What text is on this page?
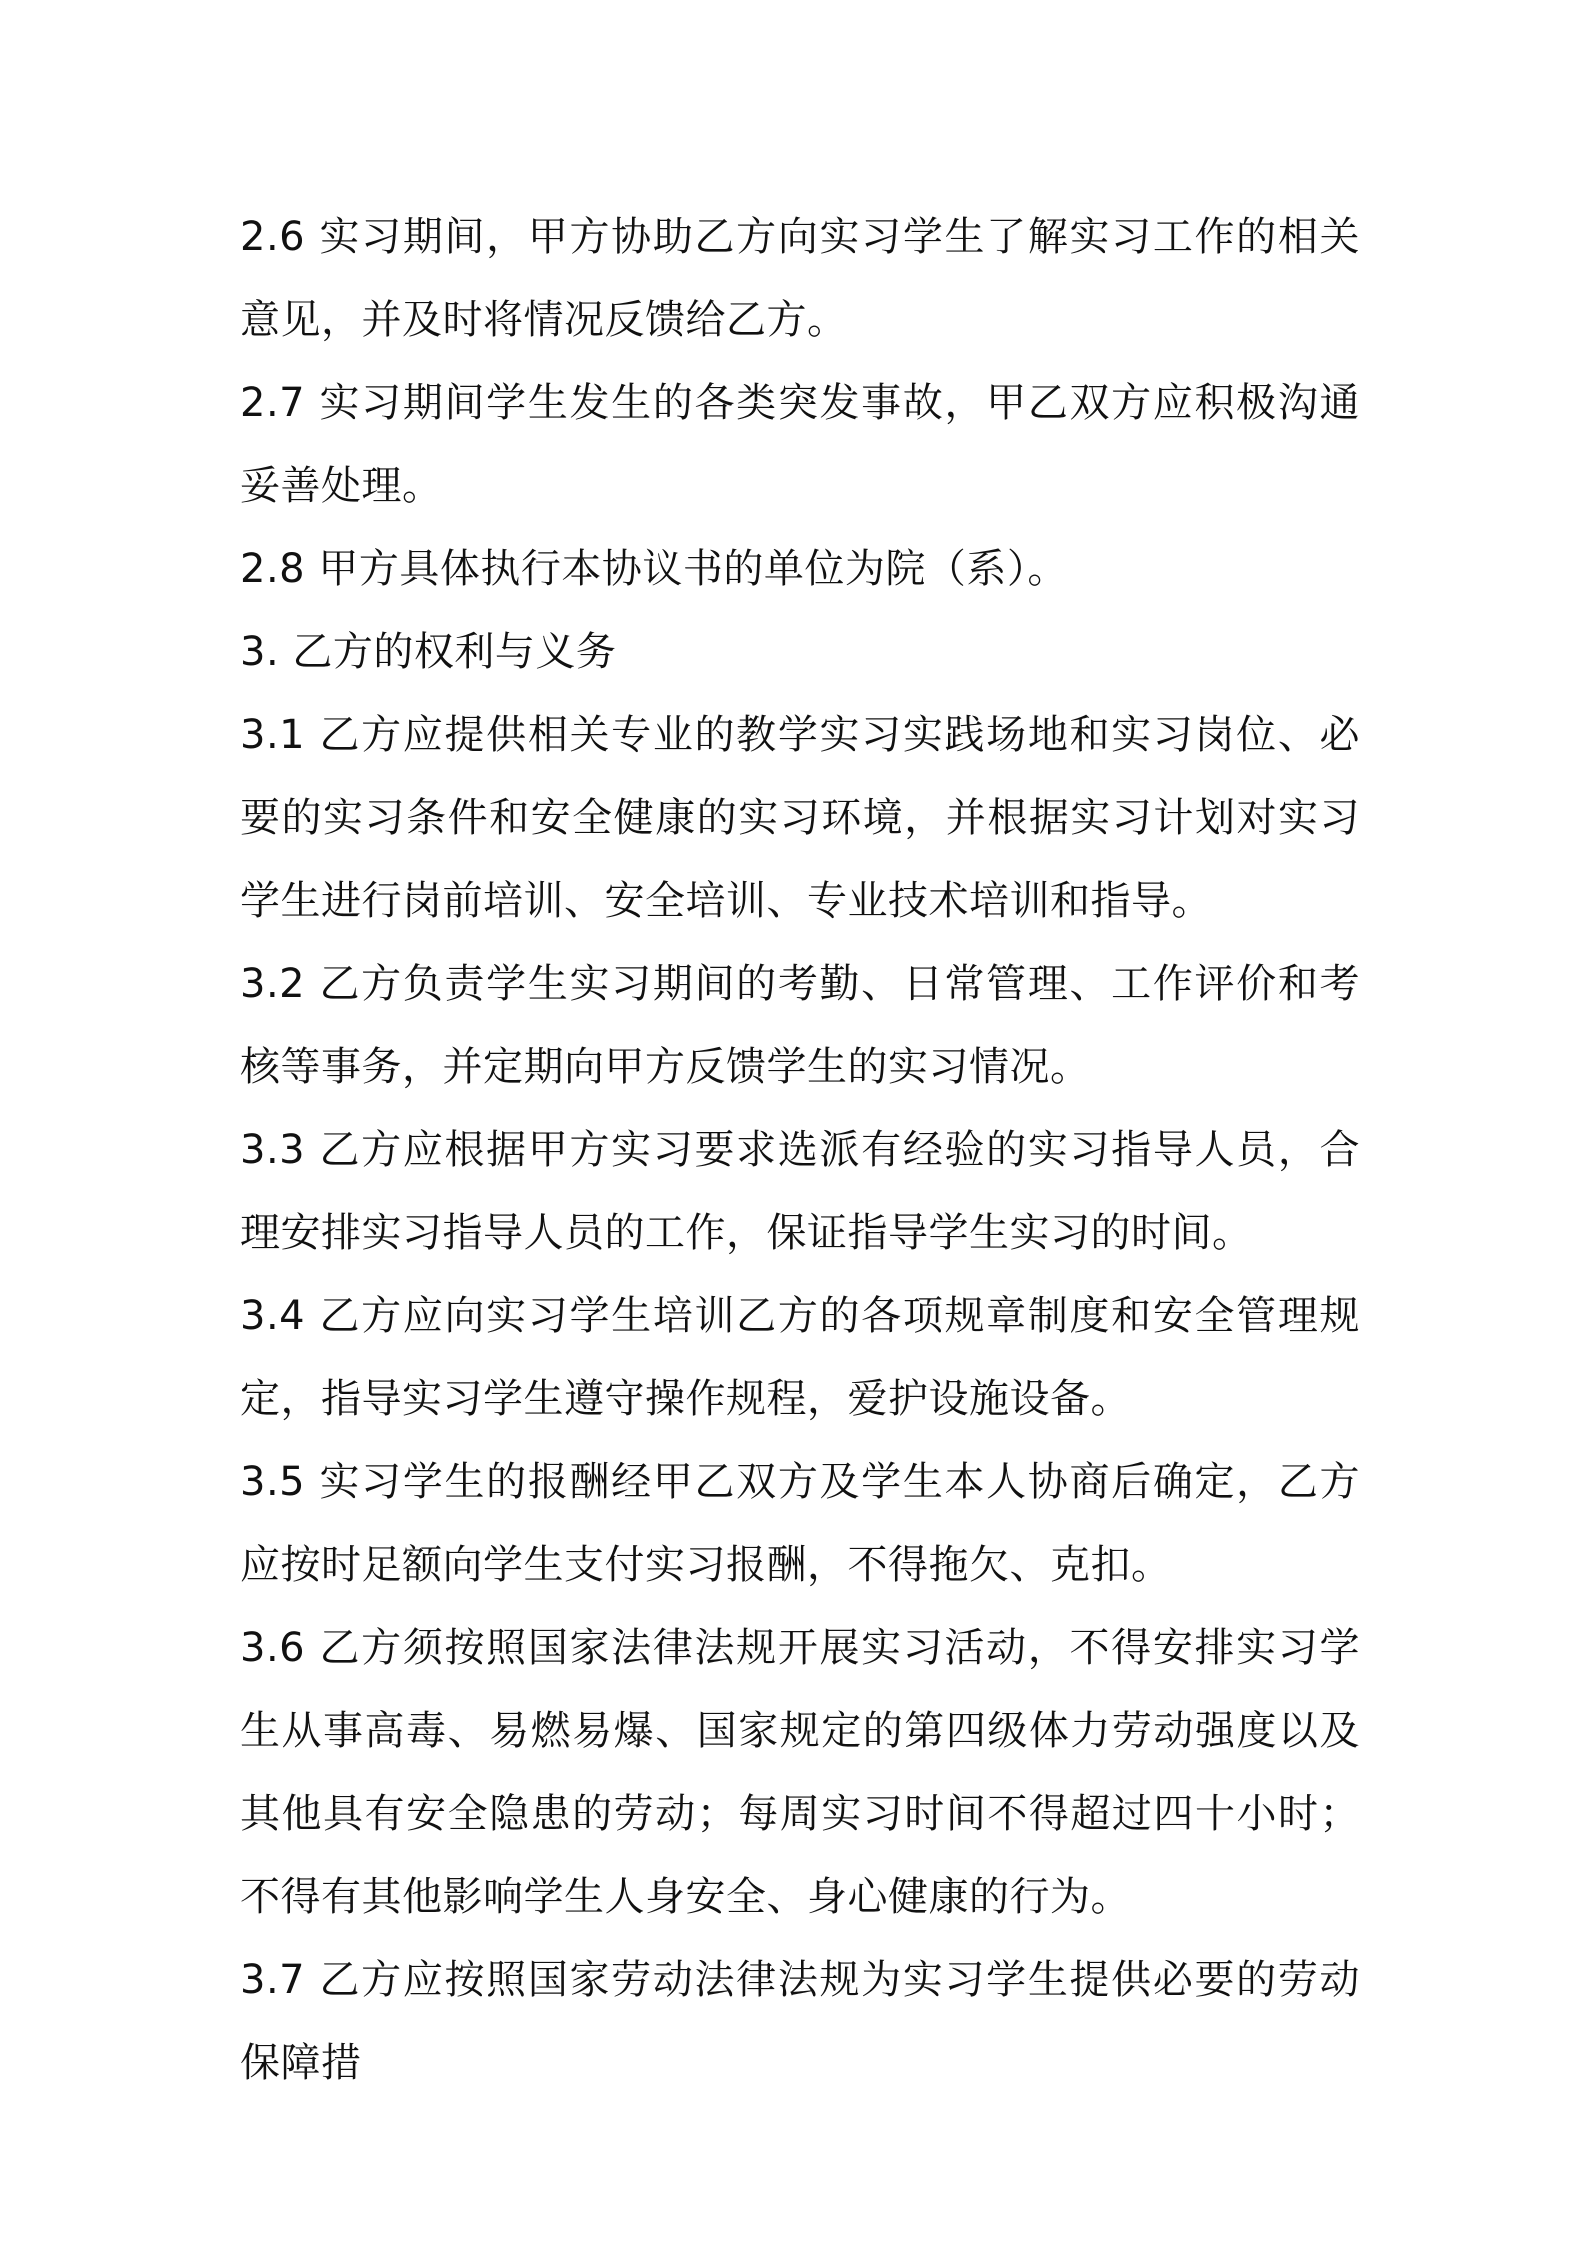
2.6 实习期间，甲方协助乙方向实习学生了解实习工作的相关意见，并及时将情况反馈给乙方。

2.7 实习期间学生发生的各类突发事故，甲乙双方应积极沟通妥善处理。

2.8 甲方具体执行本协议书的单位为院（系）。

3. 乙方的权利与义务

3.1 乙方应提供相关专业的教学实习实践场地和实习岗位、必要的实习条件和安全健康的实习环境，并根据实习计划对实习学生进行岗前培训、安全培训、专业技术培训和指导。

3.2 乙方负责学生实习期间的考勤、日常管理、工作评价和考核等事务，并定期向甲方反馈学生的实习情况。

3.3 乙方应根据甲方实习要求选派有经验的实习指导人员，合理安排实习指导人员的工作，保证指导学生实习的时间。

3.4 乙方应向实习学生培训乙方的各项规章制度和安全管理规定，指导实习学生遵守操作规程，爱护设施设备。

3.5 实习学生的报酬经甲乙双方及学生本人协商后确定，乙方应按时足额向学生支付实习报酬，不得拖欠、克扣。

3.6 乙方须按照国家法律法规开展实习活动，不得安排实习学生从事高毒、易燃易爆、国家规定的第四级体力劳动强度以及其他具有安全隐患的劳动；每周实习时间不得超过四十小时；不得有其他影响学生人身安全、身心健康的行为。

3.7 乙方应按照国家劳动法律法规为实习学生提供必要的劳动保障措
